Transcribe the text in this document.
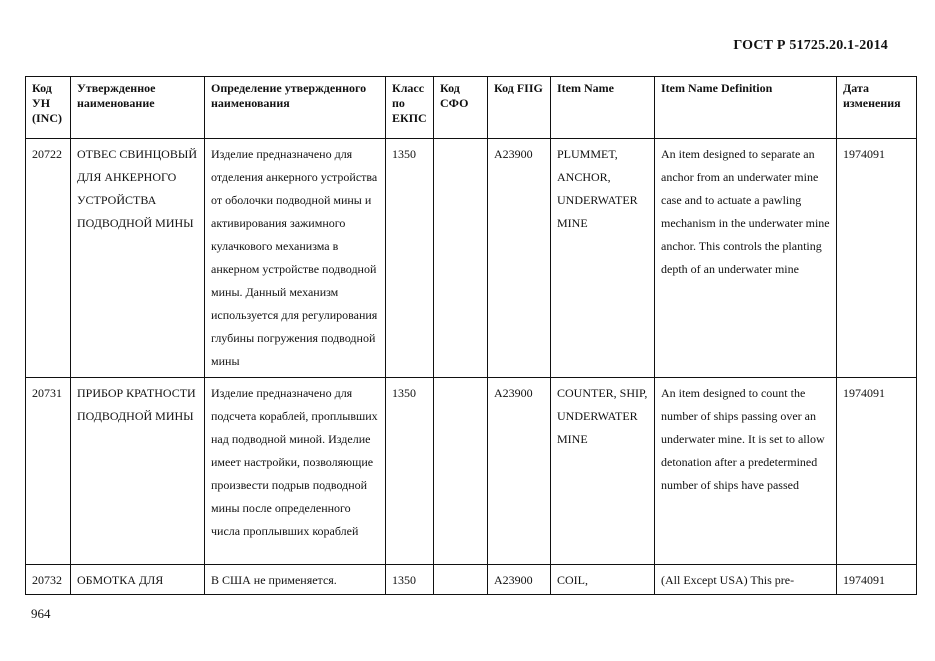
ГОСТ Р 51725.20.1-2014
Код УН (INC)	Утвержденное наименование	Определение утвержденного наименования	Класс по ЕКПС	Код СФО	Код FIIG	Item Name	Item Name Definition	Дата изменения
20722	ОТВЕС СВИНЦОВЫЙ ДЛЯ АНКЕРНОГО УСТРОЙСТВА ПОДВОДНОЙ МИНЫ	Изделие предназначено для отделения анкерного устройства от оболочки подводной мины и активирования зажимного кулачкового механизма в анкерном устройстве подводной мины. Данный механизм используется для регулирования глубины погружения подводной мины	1350		A23900	PLUMMET, ANCHOR, UNDERWATER MINE	An item designed to separate an anchor from an underwater mine case and to actuate a pawling mechanism in the underwater mine anchor. This controls the planting depth of an underwater mine	1974091
20731	ПРИБОР КРАТНОСТИ ПОДВОДНОЙ МИНЫ	Изделие предназначено для подсчета кораблей, проплывших над подводной миной. Изделие имеет настройки, позволяющие произвести подрыв подводной мины после определенного числа проплывших кораблей	1350		A23900	COUNTER, SHIP, UNDERWATER MINE	An item designed to count the number of ships passing over an underwater mine. It is set to allow detonation after a predetermined number of ships have passed	1974091
20732	ОБМОТКА ДЛЯ	В США не применяется.	1350		A23900	COIL,	(All Except USA) This pre-	1974091
964
